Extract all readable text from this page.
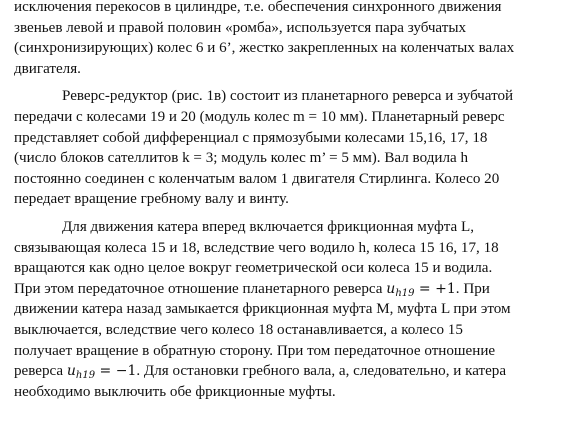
исключения перекосов в цилиндре, т.е. обеспечения синхронного движения
звеньев левой и правой половин «ромба», используется пара зубчатых
(синхронизирующих) колес 6 и 6’, жестко закрепленных на коленчатых валах
двигателя.

Реверс-редуктор (рис. 1в) состоит из планетарного реверса и зубчатой
передачи с колесами 19 и 20 (модуль колес m = 10 мм). Планетарный реверс
представляет собой дифференциал с прямозубыми колесами 15,16, 17, 18
(число блоков сателлитов k = 3; модуль колес m’ = 5 мм). Вал водила h
постоянно соединен с коленчатым валом 1 двигателя Стирлинга. Колесо 20
передает вращение гребному валу и винту.

Для движения катера вперед включается фрикционная муфта L,
связывающая колеса 15 и 18, вследствие чего водило h, колеса 15 16, 17, 18
вращаются как одно целое вокруг геометрической оси колеса 15 и водила.
При этом передаточное отношение планетарного реверса uh19 = +1. При
движении катера назад замыкается фрикционная муфта M, муфта L при этом
выключается, вследствие чего колесо 18 останавливается, а колесо 15
получает вращение в обратную сторону. При том передаточное отношение
реверса uh19 = −1. Для остановки гребного вала, а, следовательно, и катера
необходимо выключить обе фрикционные муфты.
